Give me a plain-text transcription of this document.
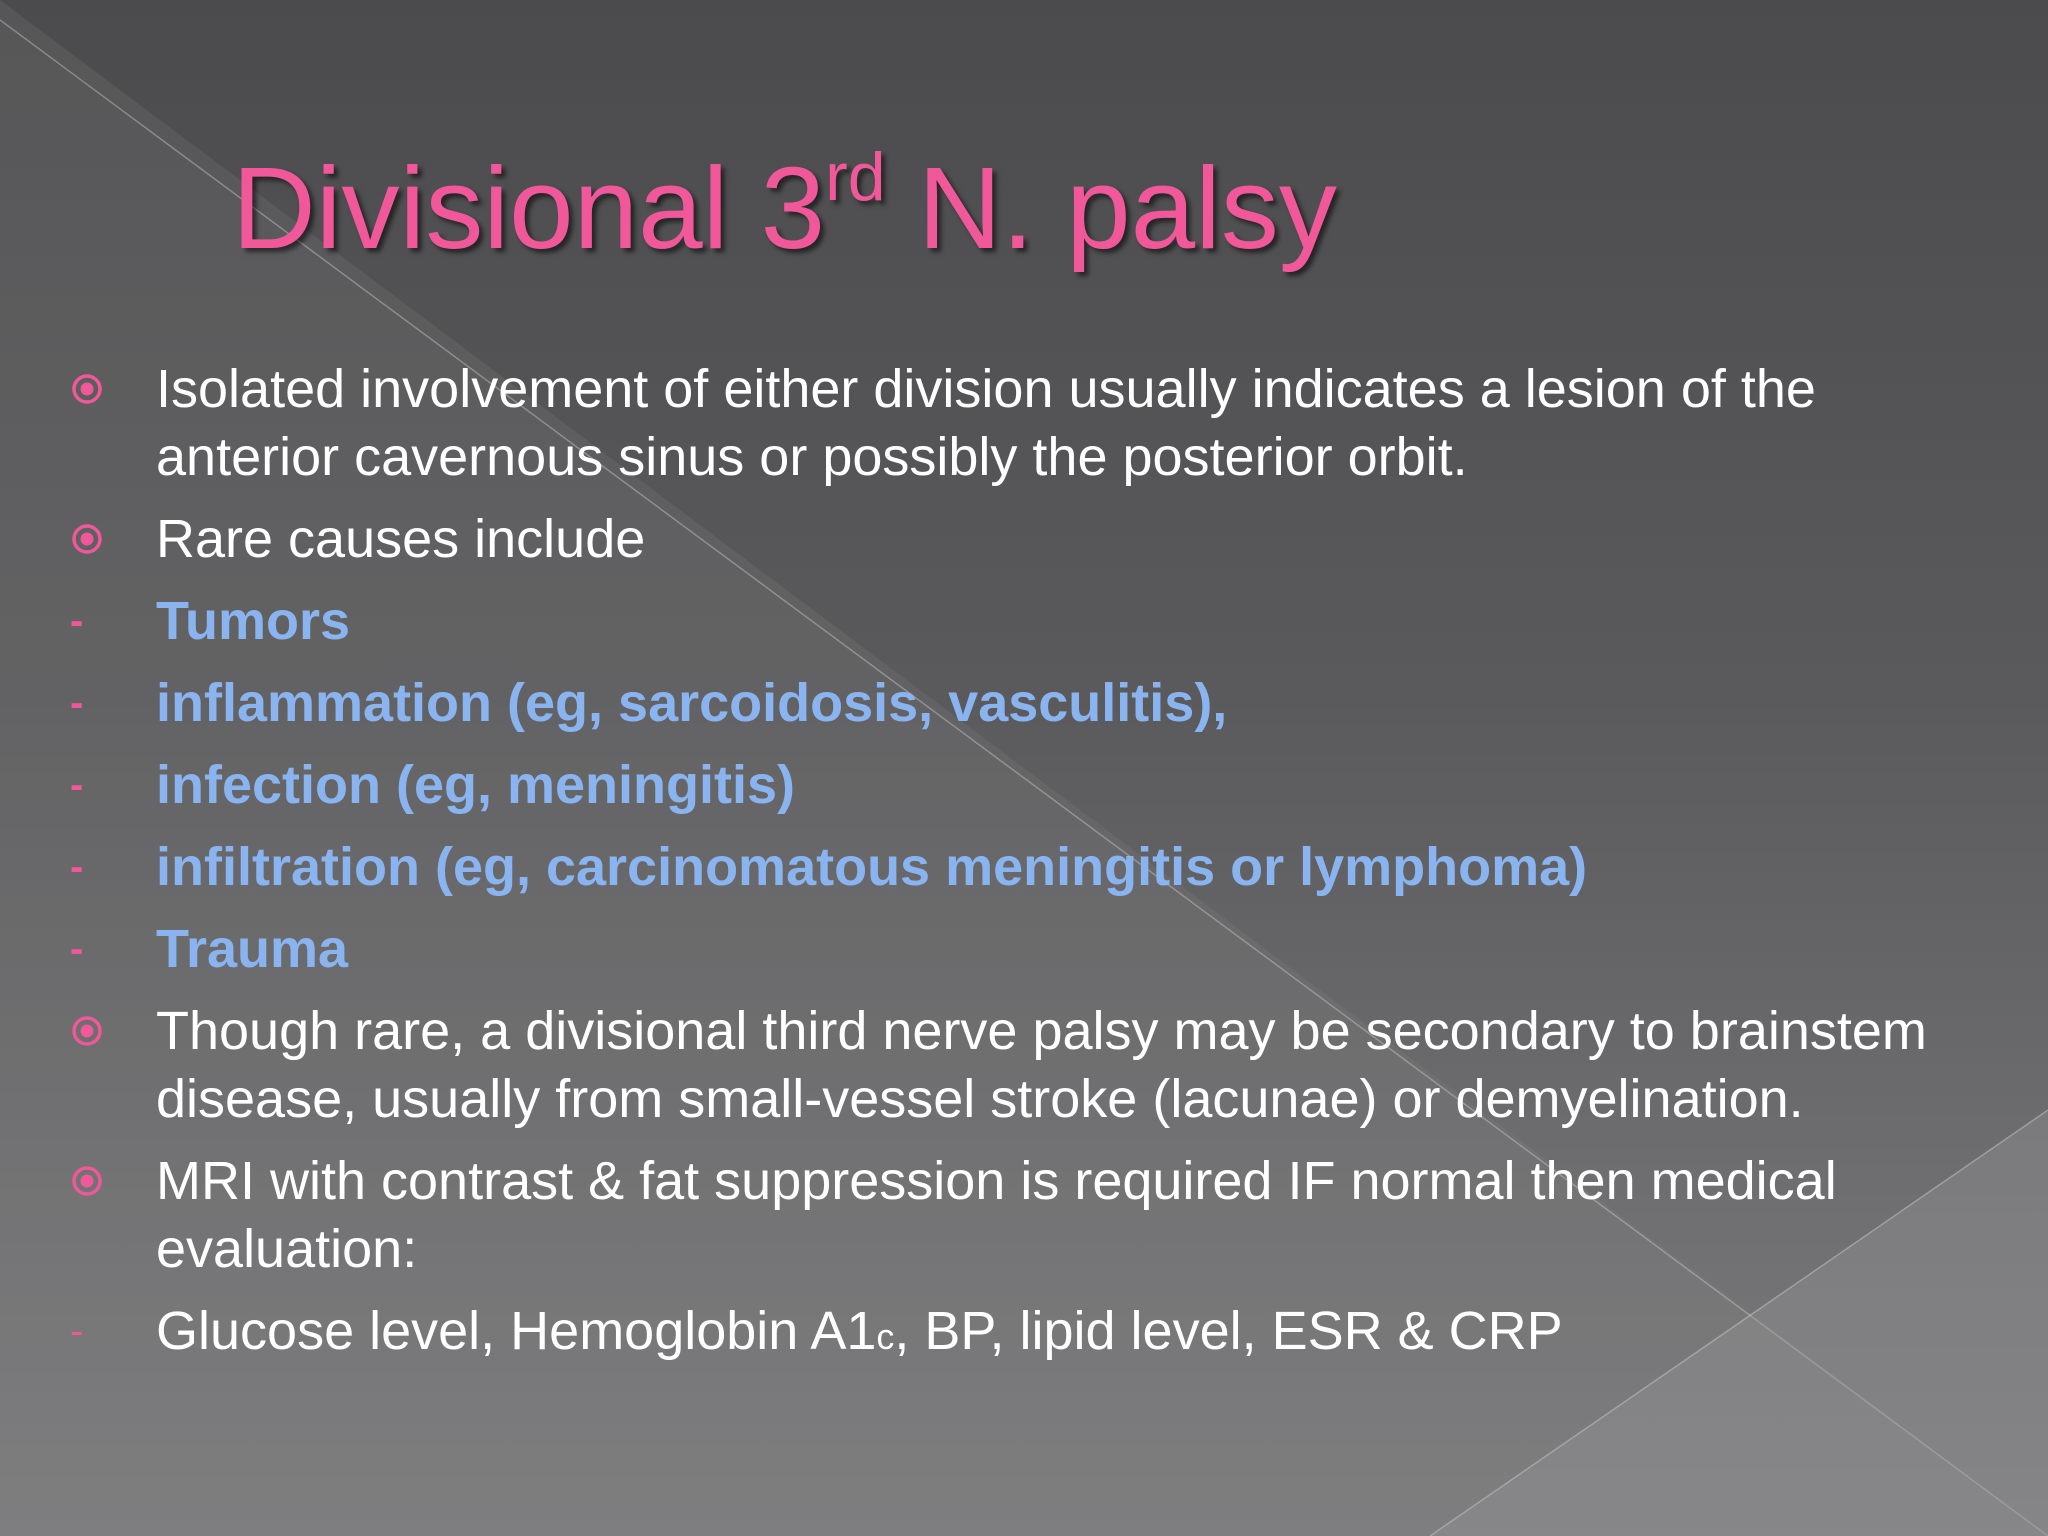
Divisional 3rd N. palsy
Isolated involvement of either division usually indicates a lesion of the anterior cavernous sinus or possibly the posterior orbit.
Rare causes include
- Tumors
- inflammation (eg, sarcoidosis, vasculitis),
- infection (eg, meningitis)
- infiltration (eg, carcinomatous meningitis or lymphoma)
- Trauma
Though rare, a divisional third nerve palsy may be secondary to brainstem disease, usually from small-vessel stroke (lacunae) or demyelination.
MRI with contrast & fat suppression is required IF normal then medical evaluation:
- Glucose level, Hemoglobin A1c, BP, lipid level, ESR & CRP
